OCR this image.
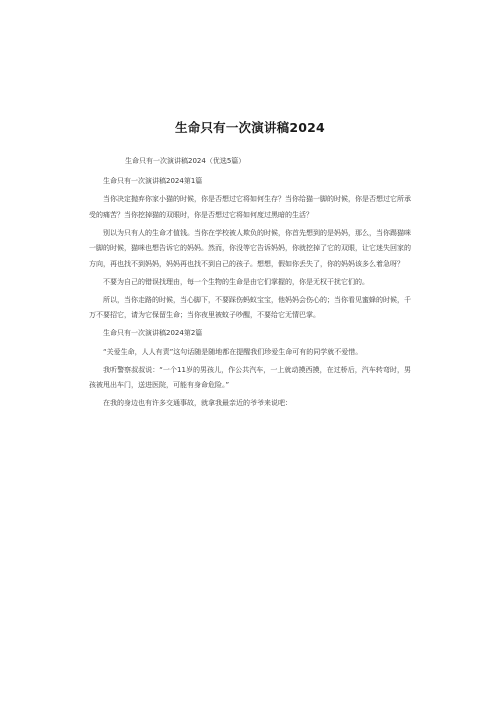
生命只有一次演讲稿2024

生命只有一次演讲稿2024（优选5篇）

生命只有一次演讲稿2024第1篇

当你决定抛弃你家小猫的时候，你是否想过它将如何生存？当你给猫一脚的时候，你是否想过它所承受的痛苦？当你挖掉猫的双眼时，你是否想过它将如何度过黑暗的生活？

别以为只有人的生命才值钱。当你在学校被人欺负的时候，你首先想到的是妈妈，那么，当你踢猫咪一脚的时候，猫咪也想告诉它的妈妈。然而，你没等它告诉妈妈，你就挖掉了它的双眼，让它迷失回家的方向，再也找不到妈妈，妈妈再也找不到自己的孩子。想想，假如你丢失了，你的妈妈该多么着急呀？

不要为自己的错误找理由，每一个生物的生命是由它们掌握的，你是无权干扰它们的。

所以，当你走路的时候，当心脚下，不要踩伤蚂蚁宝宝，他妈妈会伤心的；当你看见蜜蜂的时候，千万不要招它，请为它保留生命；当你夜里被蚊子吵醒，不要给它无情巴掌。

生命只有一次演讲稿2024第2篇

“关爱生命，人人有责”这句话随是随地都在提醒我们珍爱生命可有的同学就不爱惜。

我听警察叔叔说：“一个11岁的男孩儿，作公共汽车，一上就动摸西摸，在过桥后，汽车转弯时，男孩被甩出车门，送进医院，可能有身命危险。”

在我的身边也有许多交通事故，就拿我最亲近的爷爷来说吧：
